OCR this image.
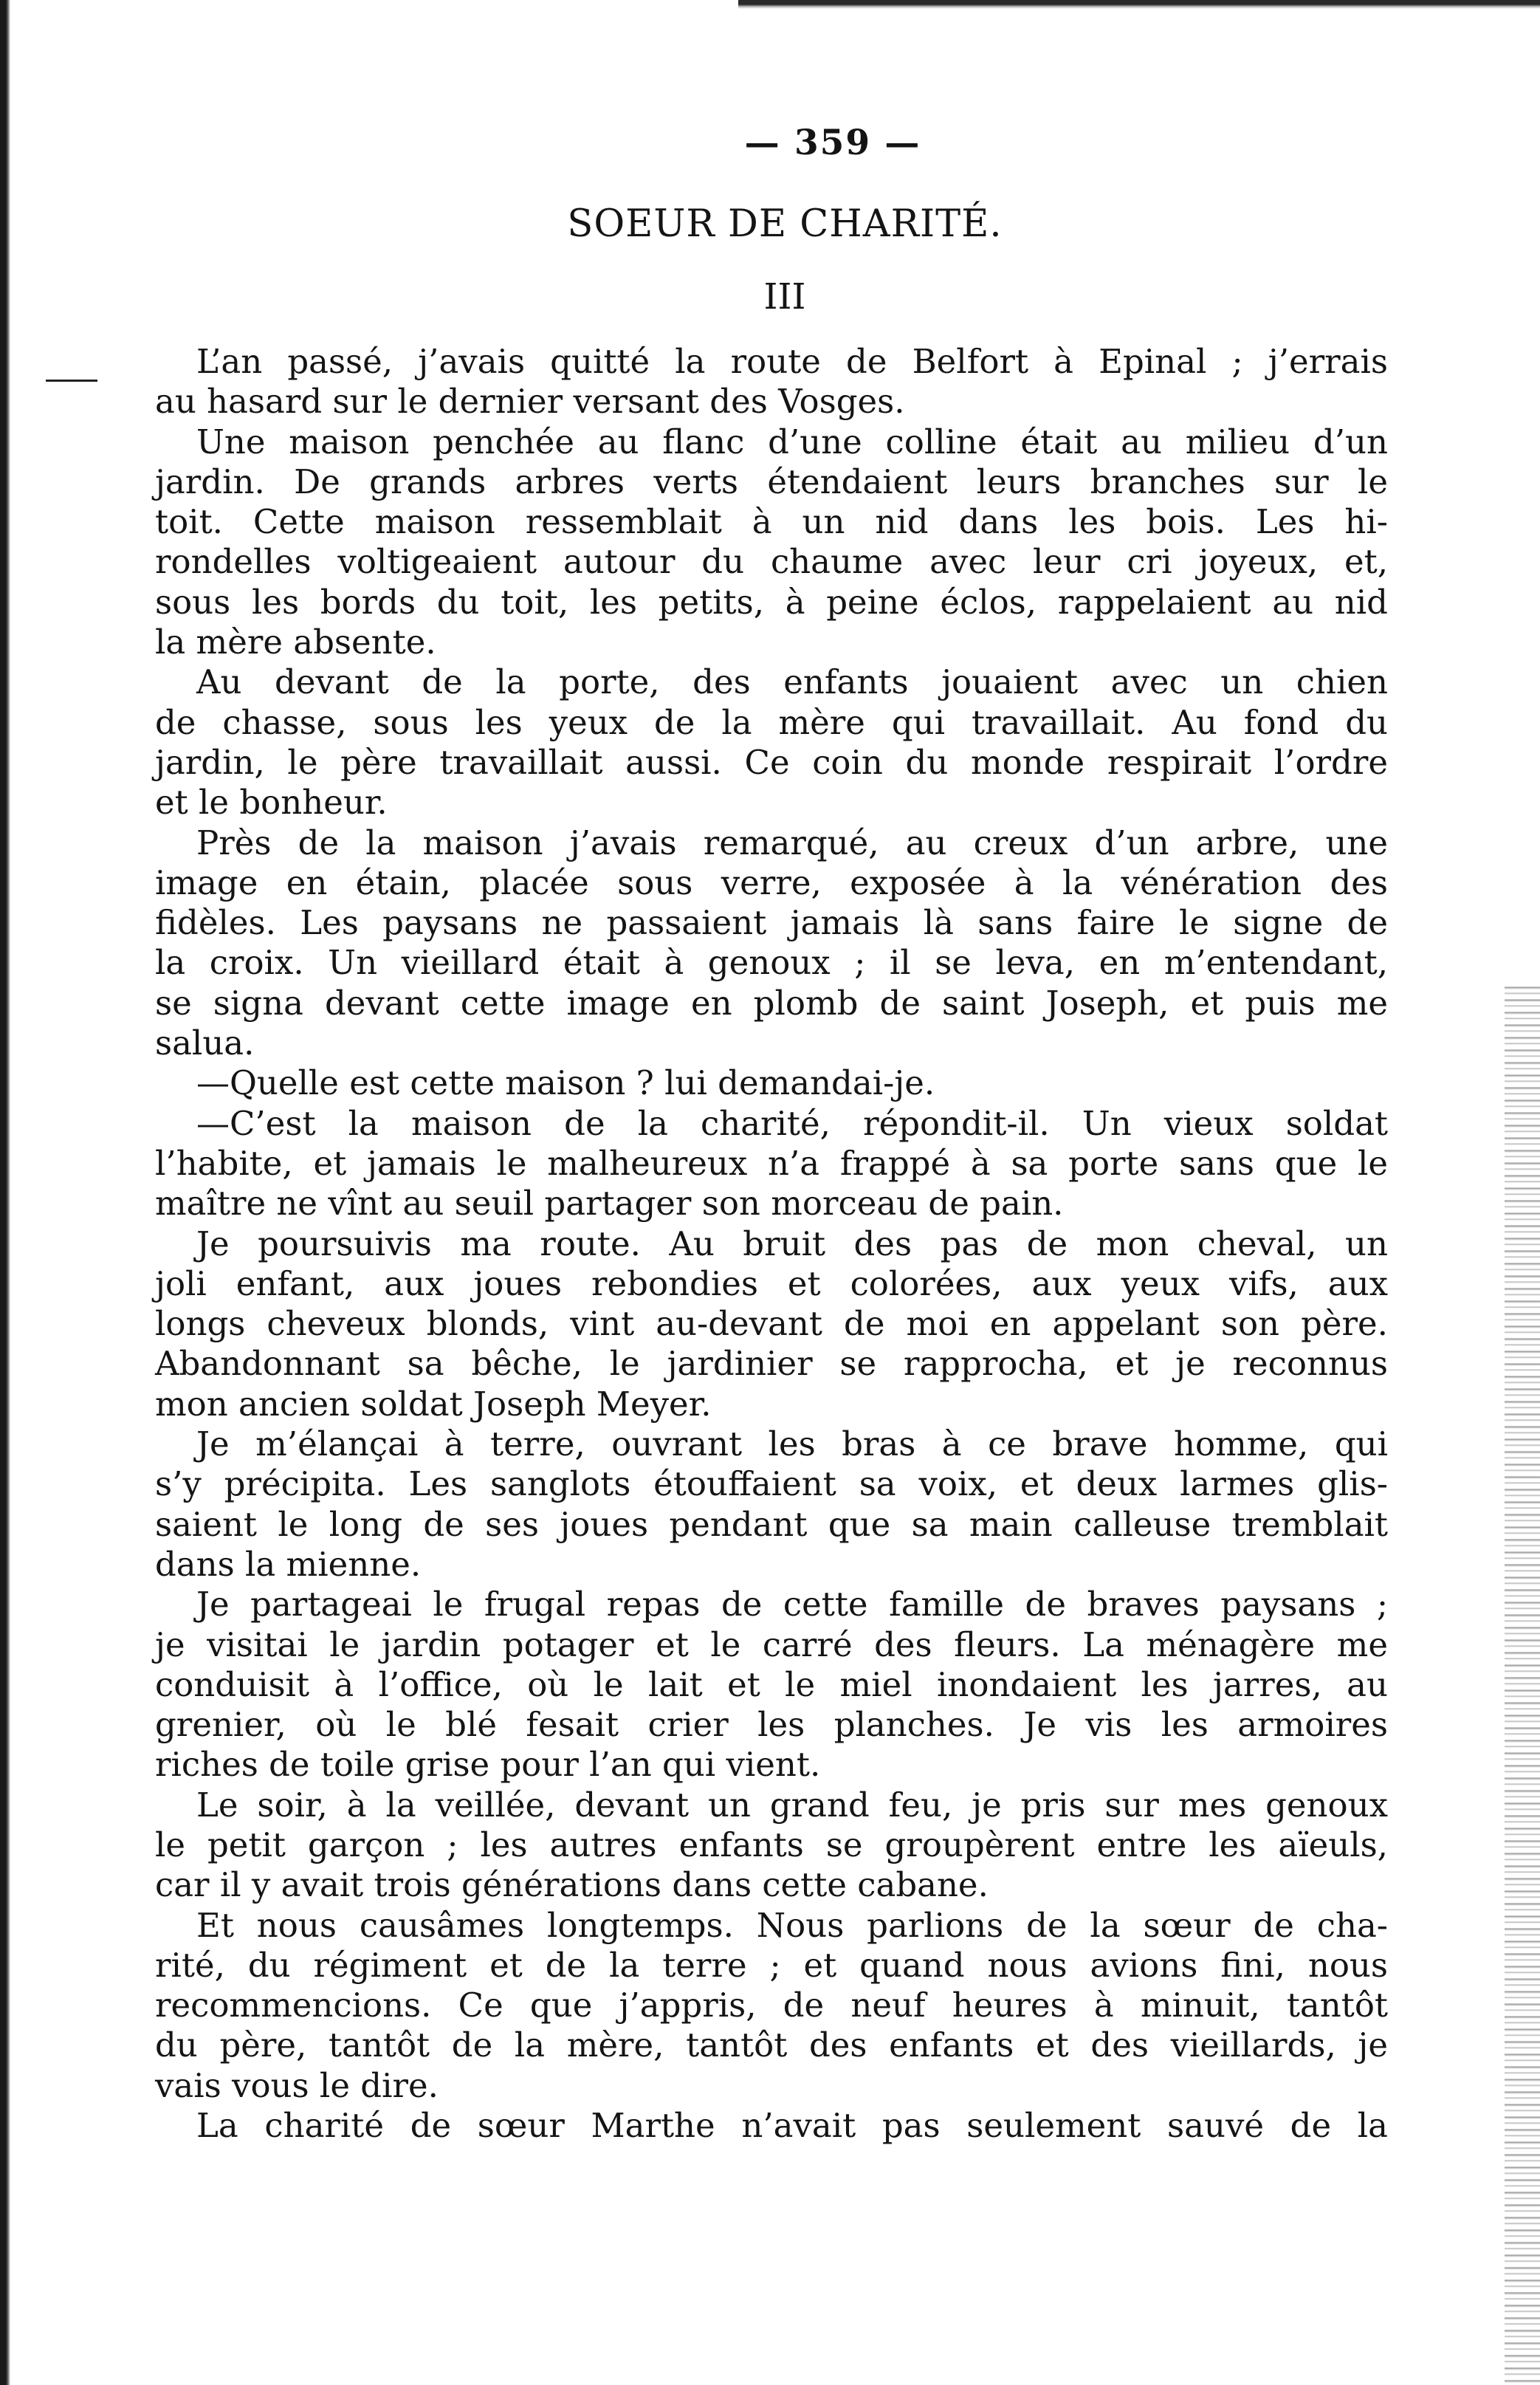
— 359 —
SOEUR DE CHARITÉ.
III
L’an passé, j’avais quitté la route de Belfort à Epinal ; j’errais
au hasard sur le dernier versant des Vosges.
Une maison penchée au flanc d’une colline était au milieu d’un
jardin. De grands arbres verts étendaient leurs branches sur le
toit. Cette maison ressemblait à un nid dans les bois. Les hi-
rondelles voltigeaient autour du chaume avec leur cri joyeux, et,
sous les bords du toit, les petits, à peine éclos, rappelaient au nid
la mère absente.
Au devant de la porte, des enfants jouaient avec un chien
de chasse, sous les yeux de la mère qui travaillait. Au fond du
jardin, le père travaillait aussi. Ce coin du monde respirait l’ordre
et le bonheur.
Près de la maison j’avais remarqué, au creux d’un arbre, une
image en étain, placée sous verre, exposée à la vénération des
fidèles. Les paysans ne passaient jamais là sans faire le signe de
la croix. Un vieillard était à genoux ; il se leva, en m’entendant,
se signa devant cette image en plomb de saint Joseph, et puis me
salua.
—Quelle est cette maison ? lui demandai-je.
—C’est la maison de la charité, répondit-il. Un vieux soldat
l’habite, et jamais le malheureux n’a frappé à sa porte sans que le
maître ne vînt au seuil partager son morceau de pain.
Je poursuivis ma route. Au bruit des pas de mon cheval, un
joli enfant, aux joues rebondies et colorées, aux yeux vifs, aux
longs cheveux blonds, vint au-devant de moi en appelant son père.
Abandonnant sa bêche, le jardinier se rapprocha, et je reconnus
mon ancien soldat Joseph Meyer.
Je m’élançai à terre, ouvrant les bras à ce brave homme, qui
s’y précipita. Les sanglots étouffaient sa voix, et deux larmes glis-
saient le long de ses joues pendant que sa main calleuse tremblait
dans la mienne.
Je partageai le frugal repas de cette famille de braves paysans ;
je visitai le jardin potager et le carré des fleurs. La ménagère me
conduisit à l’office, où le lait et le miel inondaient les jarres, au
grenier, où le blé fesait crier les planches. Je vis les armoires
riches de toile grise pour l’an qui vient.
Le soir, à la veillée, devant un grand feu, je pris sur mes genoux
le petit garçon ; les autres enfants se groupèrent entre les aïeuls,
car il y avait trois générations dans cette cabane.
Et nous causâmes longtemps. Nous parlions de la sœur de cha-
rité, du régiment et de la terre ; et quand nous avions fini, nous
recommencions. Ce que j’appris, de neuf heures à minuit, tantôt
du père, tantôt de la mère, tantôt des enfants et des vieillards, je
vais vous le dire.
La charité de sœur Marthe n’avait pas seulement sauvé de la
